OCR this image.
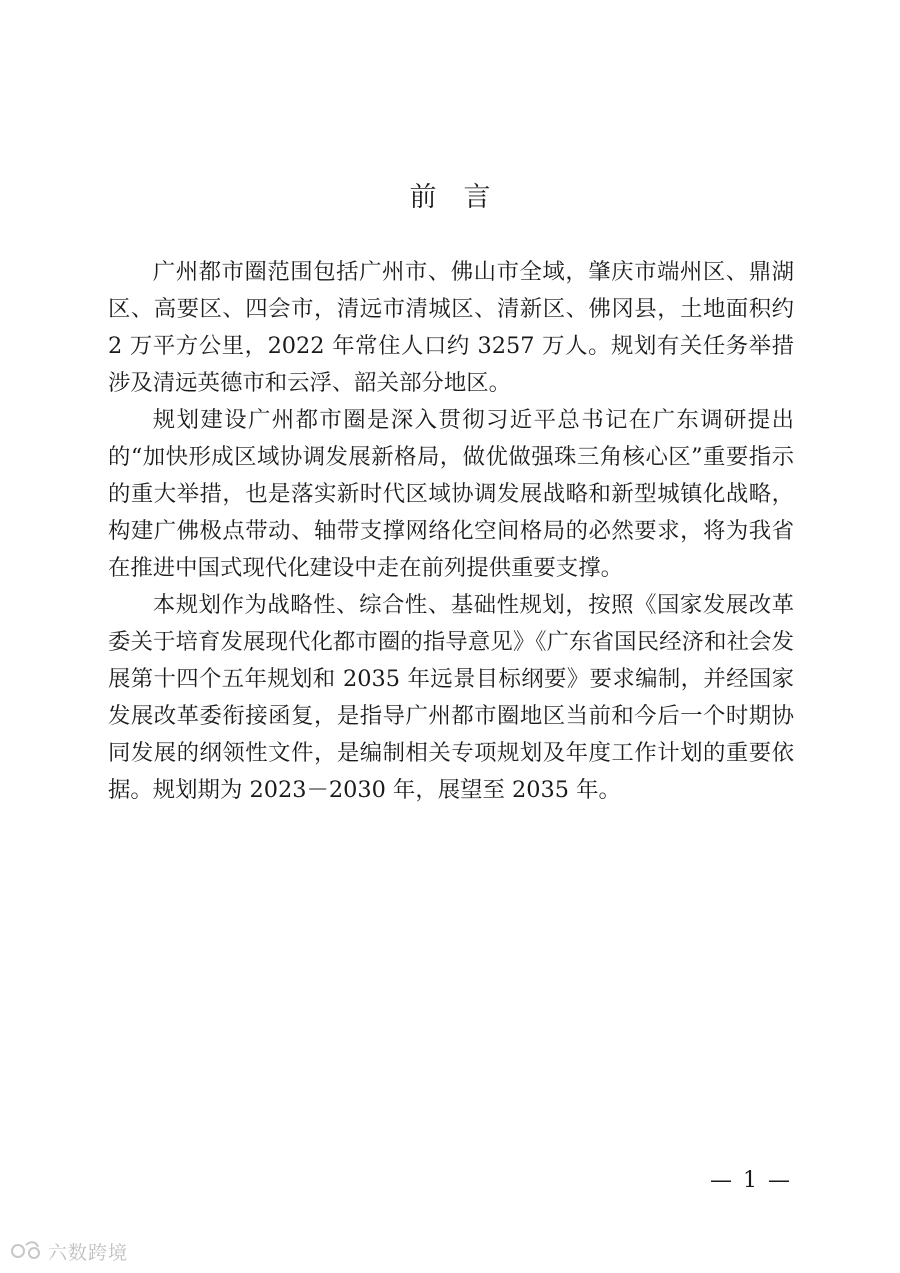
前　言

广州都市圈范围包括广州市、佛山市全域，肇庆市端州区、鼎湖区、高要区、四会市，清远市清城区、清新区、佛冈县，土地面积约 2 万平方公里，2022 年常住人口约 3257 万人。规划有关任务举措涉及清远英德市和云浮、韶关部分地区。

规划建设广州都市圈是深入贯彻习近平总书记在广东调研提出的“加快形成区域协调发展新格局，做优做强珠三角核心区”重要指示的重大举措，也是落实新时代区域协调发展战略和新型城镇化战略，构建广佛极点带动、轴带支撑网络化空间格局的必然要求，将为我省在推进中国式现代化建设中走在前列提供重要支撑。

本规划作为战略性、综合性、基础性规划，按照《国家发展改革委关于培育发展现代化都市圈的指导意见》《广东省国民经济和社会发展第十四个五年规划和 2035 年远景目标纲要》要求编制，并经国家发展改革委衔接函复，是指导广州都市圈地区当前和今后一个时期协同发展的纲领性文件，是编制相关专项规划及年度工作计划的重要依据。规划期为 2023－2030 年，展望至 2035 年。

— 1 —
六数跨境
